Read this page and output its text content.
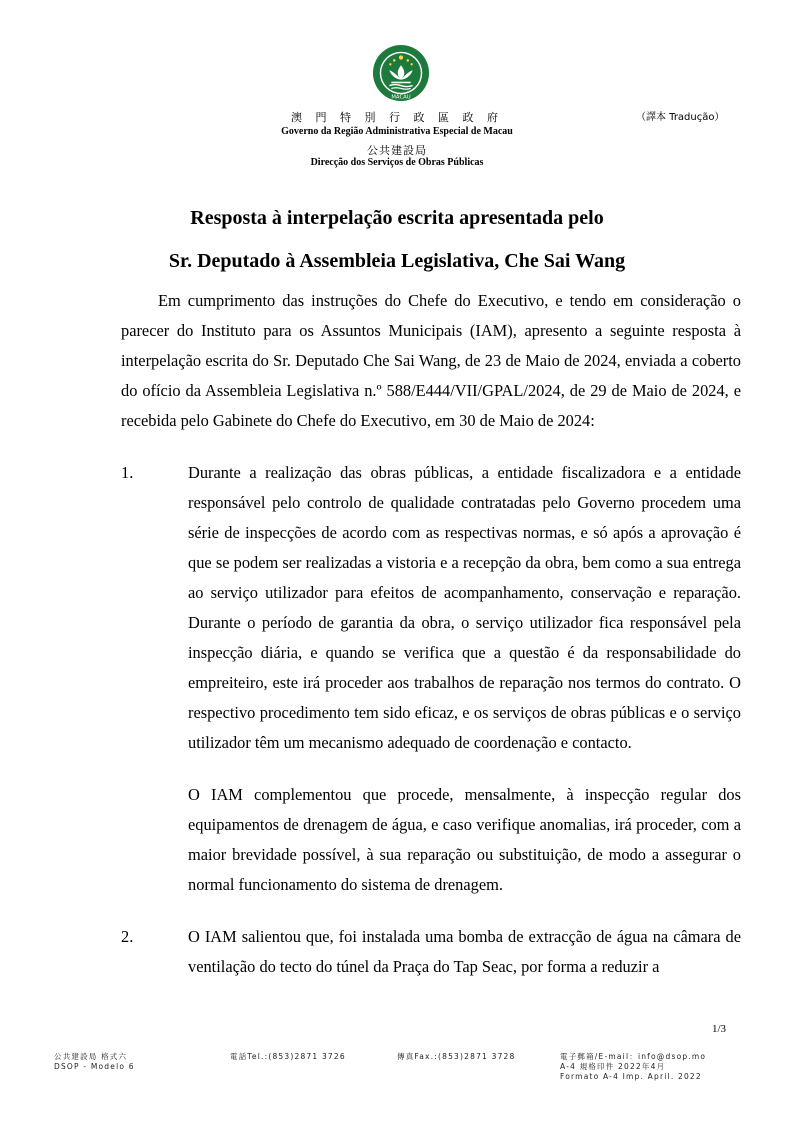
MACAU
澳 門 特 別 行 政 區 政 府
Governo da Região Administrativa Especial de Macau
公共建設局
Direcção dos Serviços de Obras Públicas
（譯本 Tradução）
Resposta à interpelação escrita apresentada pelo
Sr. Deputado à Assembleia Legislativa, Che Sai Wang

Em cumprimento das instruções do Chefe do Executivo, e tendo em consideração o parecer do Instituto para os Assuntos Municipais (IAM), apresento a seguinte resposta à interpelação escrita do Sr. Deputado Che Sai Wang, de 23 de Maio de 2024, enviada a coberto do ofício da Assembleia Legislativa n.º 588/E444/VII/GPAL/2024, de 29 de Maio de 2024, e recebida pelo Gabinete do Chefe do Executivo, em 30 de Maio de 2024:

1.	Durante a realização das obras públicas, a entidade fiscalizadora e a entidade responsável pelo controlo de qualidade contratadas pelo Governo procedem uma série de inspecções de acordo com as respectivas normas, e só após a aprovação é que se podem ser realizadas a vistoria e a recepção da obra, bem como a sua entrega ao serviço utilizador para efeitos de acompanhamento, conservação e reparação. Durante o período de garantia da obra, o serviço utilizador fica responsável pela inspecção diária, e quando se verifica que a questão é da responsabilidade do empreiteiro, este irá proceder aos trabalhos de reparação nos termos do contrato. O respectivo procedimento tem sido eficaz, e os serviços de obras públicas e o serviço utilizador têm um mecanismo adequado de coordenação e contacto.

O IAM complementou que procede, mensalmente, à inspecção regular dos equipamentos de drenagem de água, e caso verifique anomalias, irá proceder, com a maior brevidade possível, à sua reparação ou substituição, de modo a assegurar o normal funcionamento do sistema de drenagem.

2.	O IAM salientou que, foi instalada uma bomba de extracção de água na câmara de ventilação do tecto do túnel da Praça do Tap Seac, por forma a reduzir a

1/3
公共建設局 格式六
DSOP - Modelo 6
電話Tel.:(853)2871 3726	傳真Fax.:(853)2871 3728	電子郵箱/E-mail：info@dsop.mo
A-4 規格印件 2022年4月
Formato A-4 Imp. April. 2022
